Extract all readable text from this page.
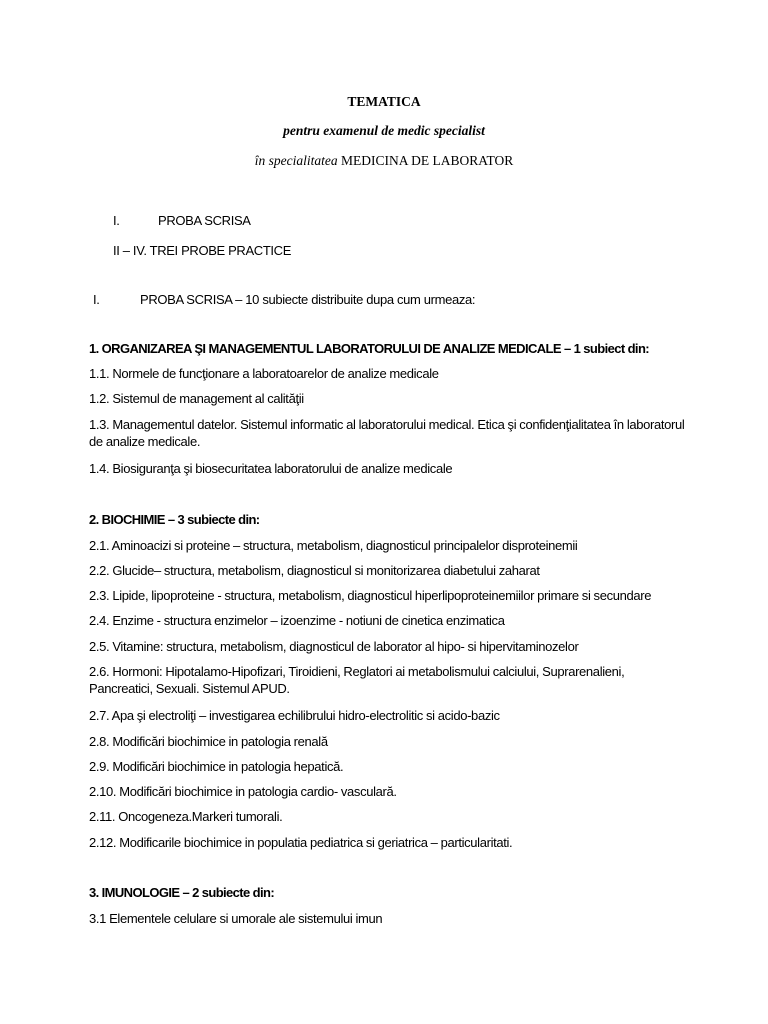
TEMATICA
pentru examenul de medic specialist
în specialitatea MEDICINA DE LABORATOR
I.	PROBA SCRISA
II – IV. TREI PROBE PRACTICE
I.	PROBA SCRISA – 10 subiecte distribuite dupa cum urmeaza:
1. ORGANIZAREA ŞI MANAGEMENTUL LABORATORULUI DE ANALIZE MEDICALE – 1 subiect din:
1.1. Normele de funcţionare a laboratoarelor de analize medicale
1.2. Sistemul de management al calităţii
1.3. Managementul datelor. Sistemul informatic al laboratorului medical. Etica şi confidenţialitatea în laboratorul de analize medicale.
1.4. Biosiguranţa şi biosecuritatea laboratorului de analize medicale
2. BIOCHIMIE – 3 subiecte din:
2.1. Aminoacizi si proteine – structura, metabolism, diagnosticul principalelor disproteinemii
2.2. Glucide– structura, metabolism, diagnosticul si monitorizarea diabetului zaharat
2.3. Lipide, lipoproteine - structura, metabolism, diagnosticul hiperlipoproteinemiilor primare si secundare
2.4. Enzime - structura enzimelor – izoenzime - notiuni de cinetica enzimatica
2.5. Vitamine: structura, metabolism, diagnosticul de laborator al hipo- si hipervitaminozelor
2.6. Hormoni: Hipotalamo-Hipofizari, Tiroidieni, Reglatori ai metabolismului calciului, Suprarenalieni, Pancreatici, Sexuali. Sistemul APUD.
2.7. Apa şi electroliţi – investigarea echilibrului hidro-electrolitic si acido-bazic
2.8. Modificări biochimice in patologia renală
2.9. Modificări biochimice in patologia hepatică.
2.10. Modificări biochimice in patologia cardio- vasculară.
2.11. Oncogeneza.Markeri tumorali.
2.12. Modificarile biochimice in populatia pediatrica si geriatrica – particularitati.
3. IMUNOLOGIE – 2 subiecte din:
3.1 Elementele celulare si umorale ale sistemului imun
